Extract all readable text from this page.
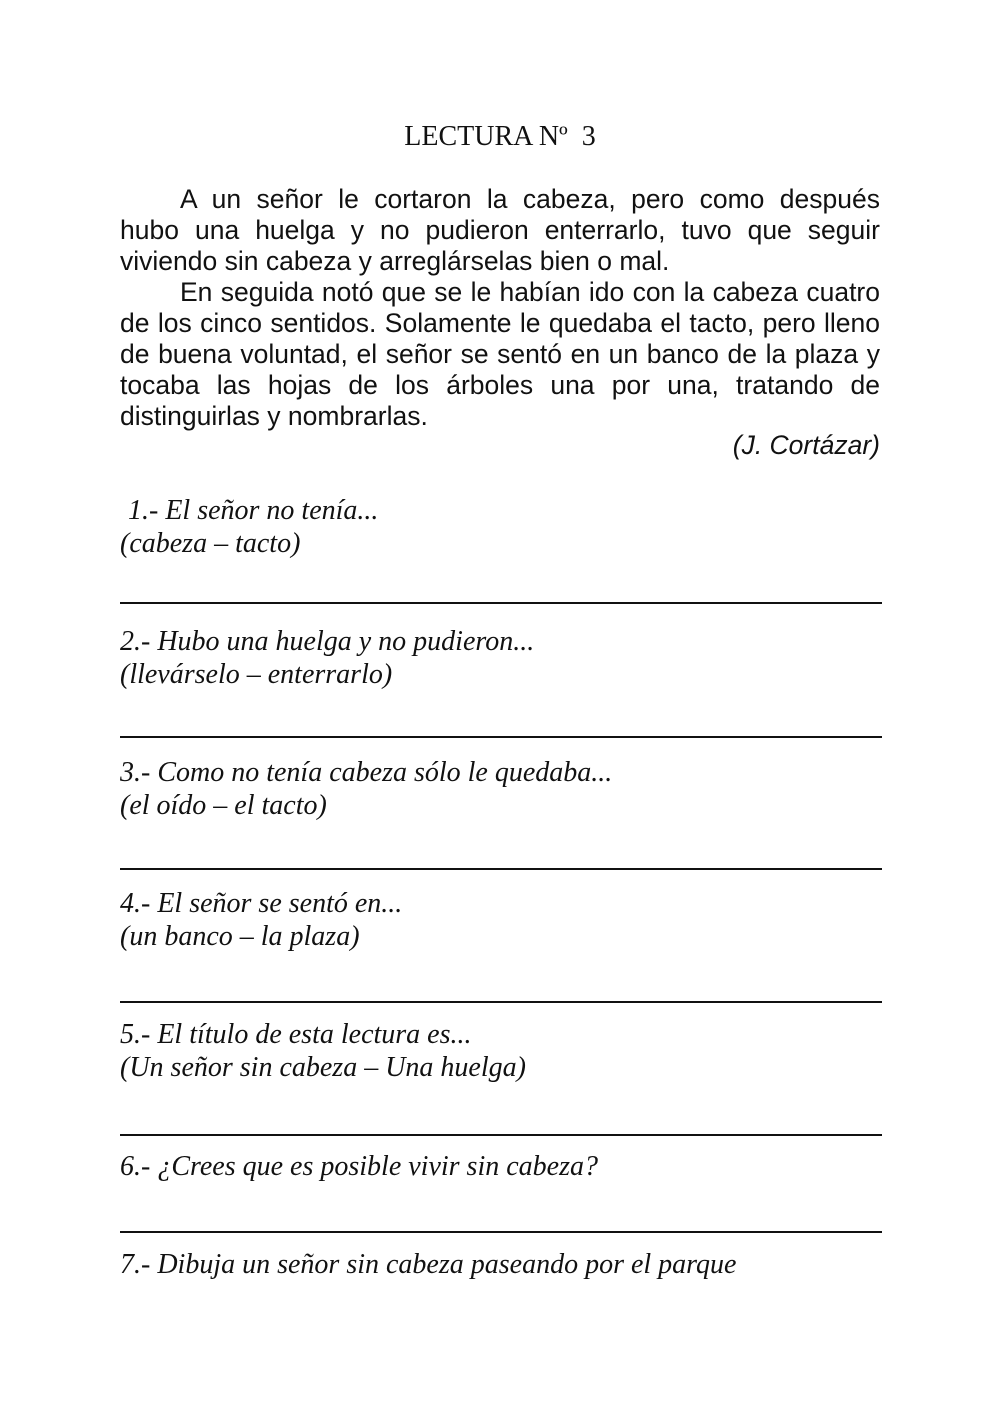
LECTURA Nº  3
A un señor le cortaron la cabeza, pero como después
hubo una huelga y no pudieron enterrarlo, tuvo que seguir
viviendo sin cabeza y arreglárselas bien o mal.
En seguida notó que se le habían ido con la cabeza cuatro
de los cinco sentidos. Solamente le quedaba el tacto, pero lleno
de buena voluntad, el señor se sentó en un banco de la plaza y
tocaba las hojas de los árboles una por una, tratando de
distinguirlas y nombrarlas.
(J. Cortázar)
1.- El señor no tenía...
(cabeza – tacto)
2.- Hubo una huelga y no pudieron...
(llevárselo – enterrarlo)
3.- Como no tenía cabeza sólo le quedaba...
(el oído – el tacto)
4.- El señor se sentó en...
(un banco – la plaza)
5.- El título de esta lectura es...
(Un señor sin cabeza – Una huelga)
6.- ¿Crees que es posible vivir sin cabeza?
7.- Dibuja un señor sin cabeza paseando por el parque
